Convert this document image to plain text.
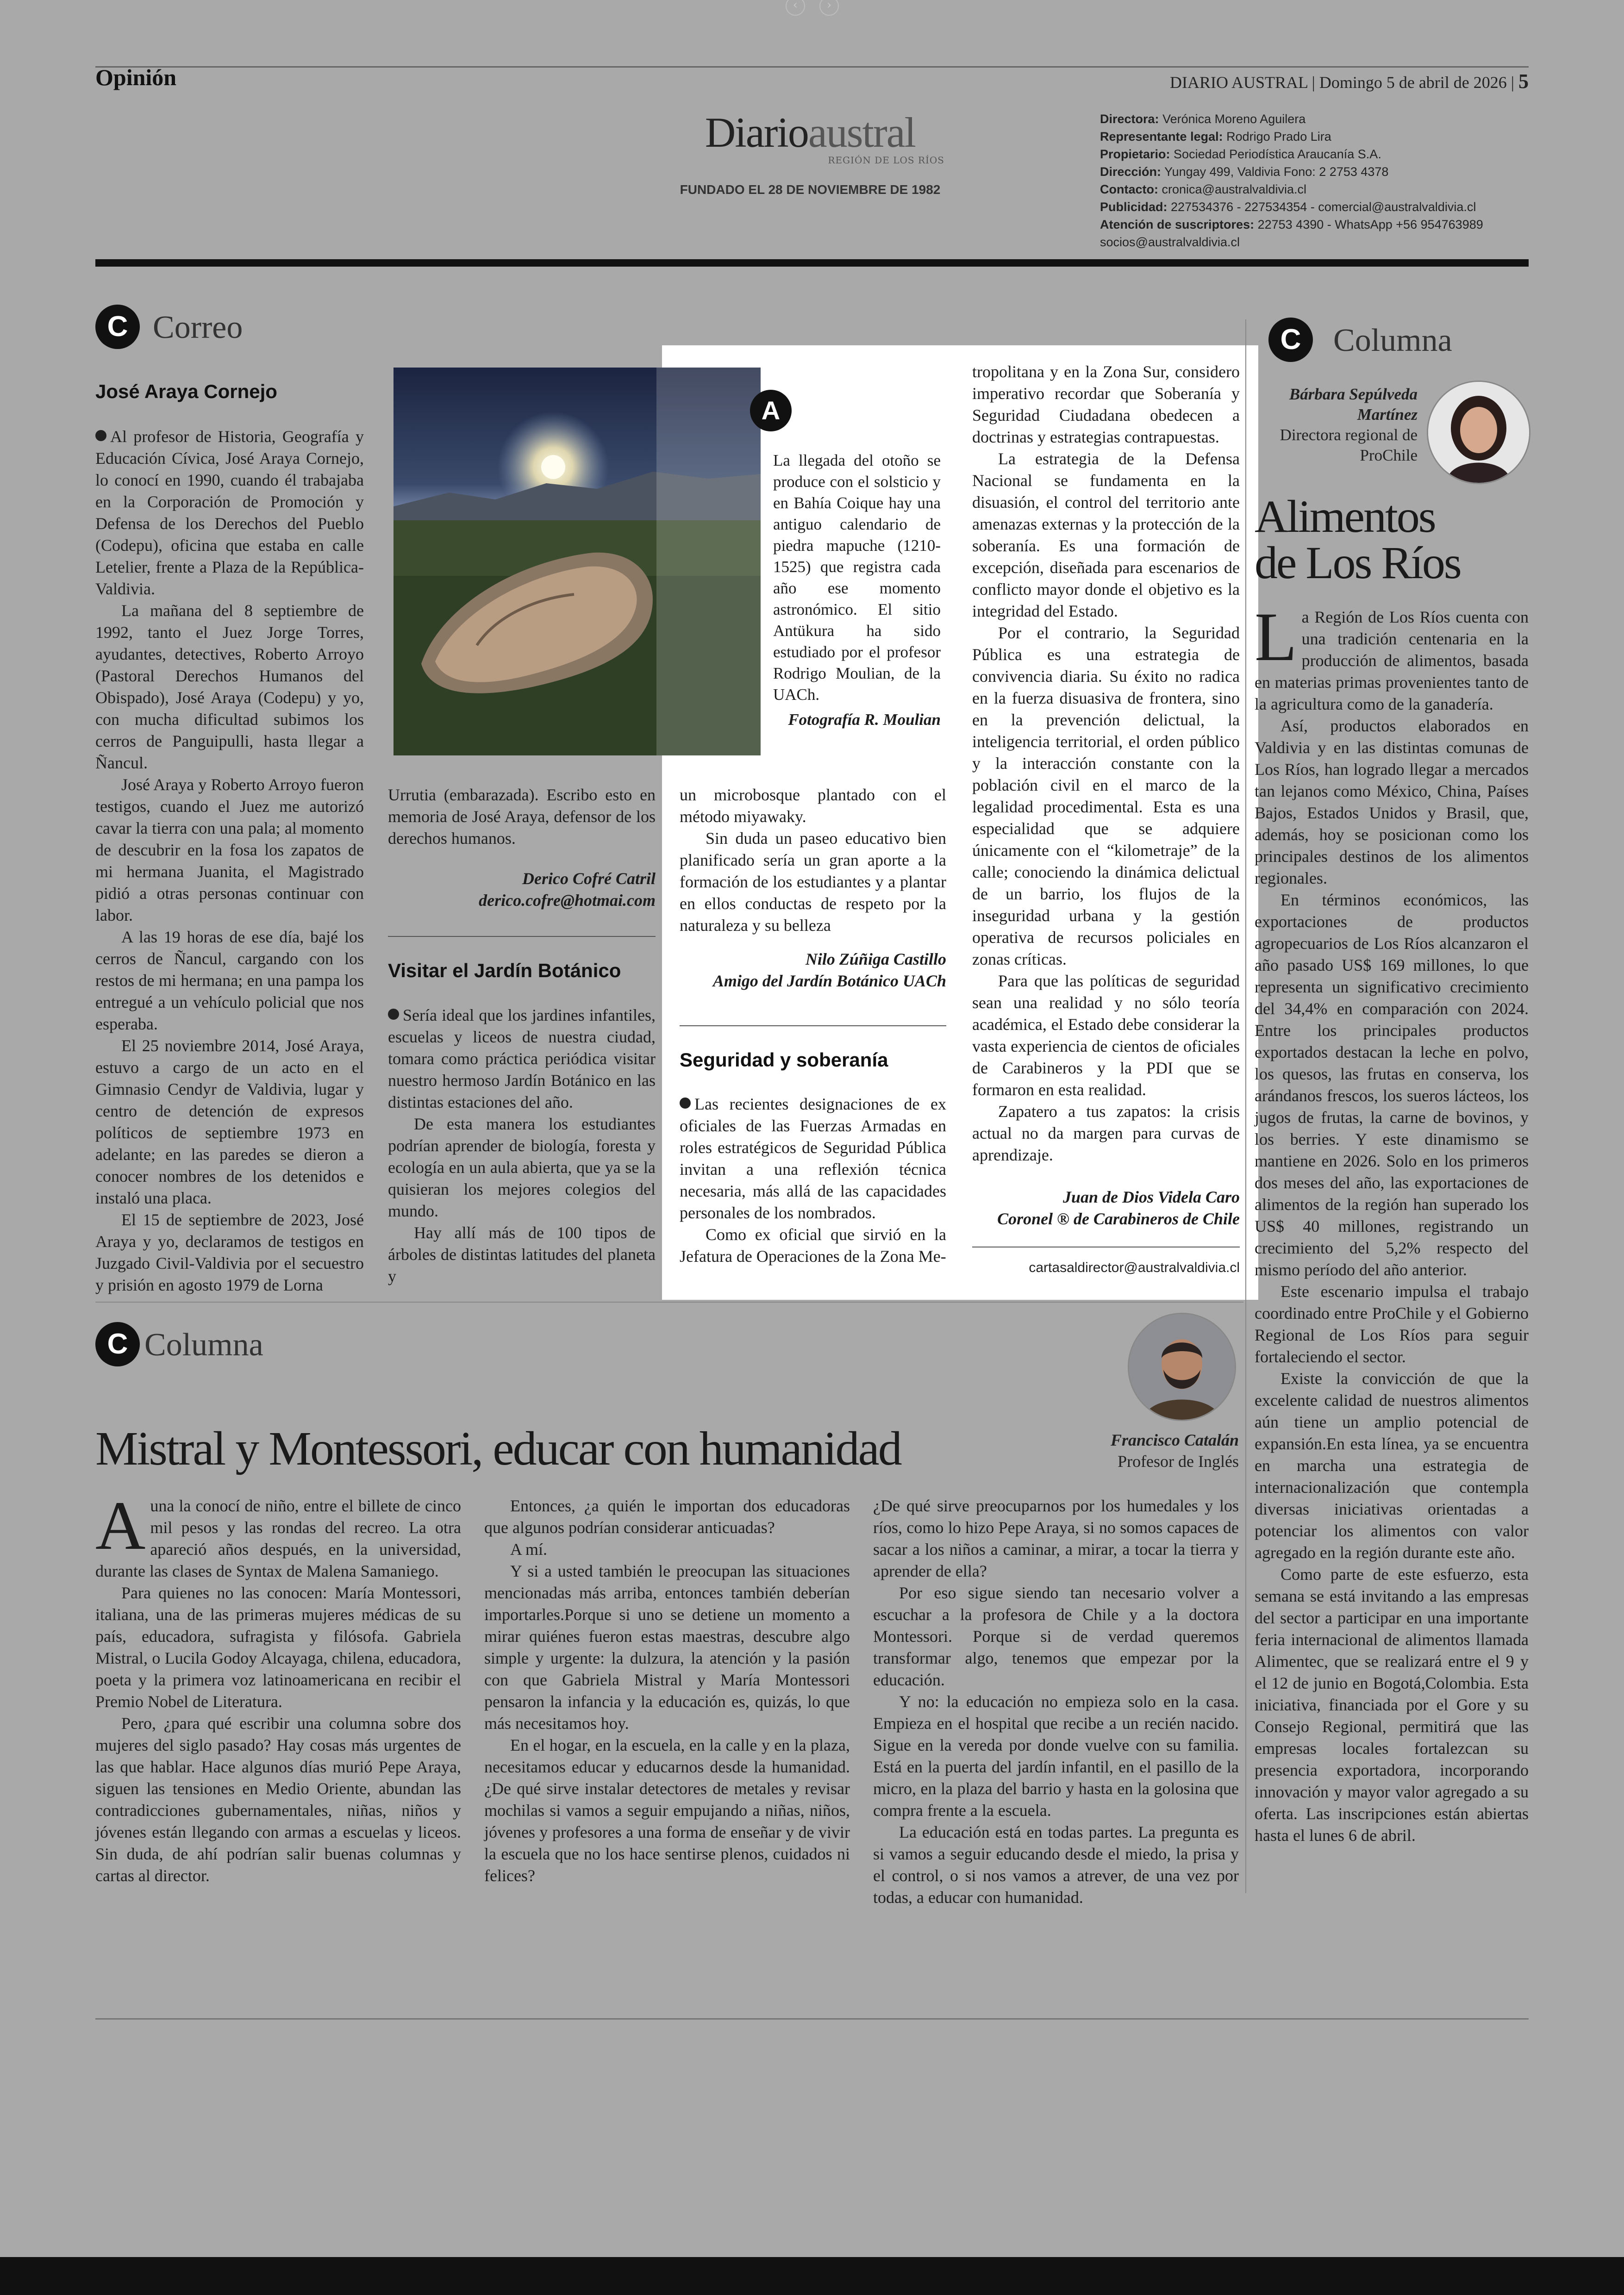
‹	›
Opinión	DIARIO AUSTRAL | Domingo 5 de abril de 2026 | 5
Diarioaustral
REGIÓN DE LOS RÍOS
FUNDADO EL 28 DE NOVIEMBRE DE 1982
Directora: Verónica Moreno Aguilera
Representante legal: Rodrigo Prado Lira
Propietario: Sociedad Periodística Araucanía S.A.
Dirección: Yungay 499, Valdivia Fono: 2 2753 4378
Contacto: cronica@australvaldivia.cl
Publicidad: 227534376 - 227534354 - comercial@australvaldivia.cl
Atención de suscriptores: 22753 4390 - WhatsApp +56 954763989
socios@australvaldivia.cl
C Correo
José Araya Cornejo

Al profesor de Historia, Geografía y Educación Cívica, José Araya Cornejo, lo conocí en 1990, cuando él trabajaba en la Corporación de Promoción y Defensa de los Derechos del Pueblo (Codepu), oficina que estaba en calle Letelier, frente a Plaza de la República-Valdivia.

La mañana del 8 septiembre de 1992, tanto el Juez Jorge Torres, ayudantes, detectives, Roberto Arroyo (Pastoral Derechos Humanos del Obispado), José Araya (Codepu) y yo, con mucha dificultad subimos los cerros de Panguipulli, hasta llegar a Ñancul.

José Araya y Roberto Arroyo fueron testigos, cuando el Juez me autorizó cavar la tierra con una pala; al momento de descubrir en la fosa los zapatos de mi hermana Juanita, el Magistrado pidió a otras personas continuar con labor.

A las 19 horas de ese día, bajé los cerros de Ñancul, cargando con los restos de mi hermana; en una pampa los entregué a un vehículo policial que nos esperaba.

El 25 noviembre 2014, José Araya, estuvo a cargo de un acto en el Gimnasio Cendyr de Valdivia, lugar y centro de detención de expresos políticos de septiembre 1973 en adelante; en las paredes se dieron a conocer nombres de los detenidos e instaló una placa.

El 15 de septiembre de 2023, José Araya y yo, declaramos de testigos en Juzgado Civil-Valdivia por el secuestro y prisión en agosto 1979 de Lorna

A

La llegada del otoño se produce con el solsticio y en Bahía Coique hay una antiguo calendario de piedra mapuche (1210-1525) que registra cada año ese momento astronómico. El sitio Antükura ha sido estudiado por el profesor Rodrigo Moulian, de la UACh.

Fotografía R. Moulian

Urrutia (embarazada). Escribo esto en memoria de José Araya, defensor de los derechos humanos.

Derico Cofré Catril

derico.cofre@hotmai.com

Visitar el Jardín Botánico

Sería ideal que los jardines infantiles, escuelas y liceos de nuestra ciudad, tomara como práctica periódica visitar nuestro hermoso Jardín Botánico en las distintas estaciones del año.

De esta manera los estudiantes podrían aprender de biología, foresta y ecología en un aula abierta, que ya se la quisieran los mejores colegios del mundo.

Hay allí más de 100 tipos de árboles de distintas latitudes del planeta y

un microbosque plantado con el método miyawaky.

Sin duda un paseo educativo bien planificado sería un gran aporte a la formación de los estudiantes y a plantar en ellos conductas de respeto por la naturaleza y su belleza

Nilo Zúñiga Castillo

Amigo del Jardín Botánico UACh

Seguridad y soberanía

Las recientes designaciones de ex oficiales de las Fuerzas Armadas en roles estratégicos de Seguridad Pública invitan a una reflexión técnica necesaria, más allá de las capacidades personales de los nombrados.

Como ex oficial que sirvió en la Jefatura de Operaciones de la Zona Me-

tropolitana y en la Zona Sur, considero imperativo recordar que Soberanía y Seguridad Ciudadana obedecen a doctrinas y estrategias contrapuestas.

La estrategia de la Defensa Nacional se fundamenta en la disuasión, el control del territorio ante amenazas externas y la protección de la soberanía. Es una formación de excepción, diseñada para escenarios de conflicto mayor donde el objetivo es la integridad del Estado.

Por el contrario, la Seguridad Pública es una estrategia de convivencia diaria. Su éxito no radica en la fuerza disuasiva de frontera, sino en la prevención delictual, la inteligencia territorial, el orden público y la interacción constante con la población civil en el marco de la legalidad procedimental. Esta es una especialidad que se adquiere únicamente con el “kilometraje” de la calle; conociendo la dinámica delictual de un barrio, los flujos de la inseguridad urbana y la gestión operativa de recursos policiales en zonas críticas.

Para que las políticas de seguridad sean una realidad y no sólo teoría académica, el Estado debe considerar la vasta experiencia de cientos de oficiales de Carabineros y la PDI que se formaron en esta realidad.

Zapatero a tus zapatos: la crisis actual no da margen para curvas de aprendizaje.

Juan de Dios Videla Caro

Coronel ® de Carabineros de Chile

cartasaldirector@australvaldivia.cl
C Columna
Bárbara Sepúlveda Martínez
Directora regional de ProChile
Alimentos
de Los Ríos

La Región de Los Ríos cuenta con una tradición centenaria en la producción de alimentos, basada en materias primas provenientes tanto de la agricultura como de la ganadería.

Así, productos elaborados en Valdivia y en las distintas comunas de Los Ríos, han logrado llegar a mercados tan lejanos como México, China, Países Bajos, Estados Unidos y Brasil, que, además, hoy se posicionan como los principales destinos de los alimentos regionales.

En términos económicos, las exportaciones de productos agropecuarios de Los Ríos alcanzaron el año pasado US$ 169 millones, lo que representa un significativo crecimiento del 34,4% en comparación con 2024. Entre los principales productos exportados destacan la leche en polvo, los quesos, las frutas en conserva, los arándanos frescos, los sueros lácteos, los jugos de frutas, la carne de bovinos, y los berries. Y este dinamismo se mantiene en 2026. Solo en los primeros dos meses del año, las exportaciones de alimentos de la región han superado los US$ 40 millones, registrando un crecimiento del 5,2% respecto del mismo período del año anterior.

Este escenario impulsa el trabajo coordinado entre ProChile y el Gobierno Regional de Los Ríos para seguir fortaleciendo el sector.

Existe la convicción de que la excelente calidad de nuestros alimentos aún tiene un amplio potencial de expansión.En esta línea, ya se encuentra en marcha una estrategia de internacionalización que contempla diversas iniciativas orientadas a potenciar los alimentos con valor agregado en la región durante este año.

Como parte de este esfuerzo, esta semana se está invitando a las empresas del sector a participar en una importante feria internacional de alimentos llamada Alimentec, que se realizará entre el 9 y el 12 de junio en Bogotá,Colombia. Esta iniciativa, financiada por el Gore y su Consejo Regional, permitirá que las empresas locales fortalezcan su presencia exportadora, incorporando innovación y mayor valor agregado a su oferta. Las inscripciones están abiertas hasta el lunes 6 de abril.

C Columna
Mistral y Montessori, educar con humanidad	Francisco Catalán
Profesor de Inglés

Auna la conocí de niño, entre el billete de cinco mil pesos y las rondas del recreo. La otra apareció años después, en la universidad, durante las clases de Syntax de Malena Samaniego.

Para quienes no las conocen: María Montessori, italiana, una de las primeras mujeres médicas de su país, educadora, sufragista y filósofa. Gabriela Mistral, o Lucila Godoy Alcayaga, chilena, educadora, poeta y la primera voz latinoamericana en recibir el Premio Nobel de Literatura.

Pero, ¿para qué escribir una columna sobre dos mujeres del siglo pasado? Hay cosas más urgentes de las que hablar. Hace algunos días murió Pepe Araya, siguen las tensiones en Medio Oriente, abundan las contradicciones gubernamentales, niñas, niños y jóvenes están llegando con armas a escuelas y liceos. Sin duda, de ahí podrían salir buenas columnas y cartas al director.

Entonces, ¿a quién le importan dos educadoras que algunos podrían considerar anticuadas?

A mí.

Y si a usted también le preocupan las situaciones mencionadas más arriba, entonces también deberían importarles.Porque si uno se detiene un momento a mirar quiénes fueron estas maestras, descubre algo simple y urgente: la dulzura, la atención y la pasión con que Gabriela Mistral y María Montessori pensaron la infancia y la educación es, quizás, lo que más necesitamos hoy.

En el hogar, en la escuela, en la calle y en la plaza, necesitamos educar y educarnos desde la humanidad.¿De qué sirve instalar detectores de metales y revisar mochilas si vamos a seguir empujando a niñas, niños, jóvenes y profesores a una forma de enseñar y de vivir la escuela que no los hace sentirse plenos, cuidados ni felices?

¿De qué sirve preocuparnos por los humedales y los ríos, como lo hizo Pepe Araya, si no somos capaces de sacar a los niños a caminar, a mirar, a tocar la tierra y aprender de ella?

Por eso sigue siendo tan necesario volver a escuchar a la profesora de Chile y a la doctora Montessori. Porque si de verdad queremos transformar algo, tenemos que empezar por la educación.

Y no: la educación no empieza solo en la casa. Empieza en el hospital que recibe a un recién nacido. Sigue en la vereda por donde vuelve con su familia. Está en la puerta del jardín infantil, en el pasillo de la micro, en la plaza del barrio y hasta en la golosina que compra frente a la escuela.

La educación está en todas partes. La pregunta es si vamos a seguir educando desde el miedo, la prisa y el control, o si nos vamos a atrever, de una vez por todas, a educar con humanidad.
